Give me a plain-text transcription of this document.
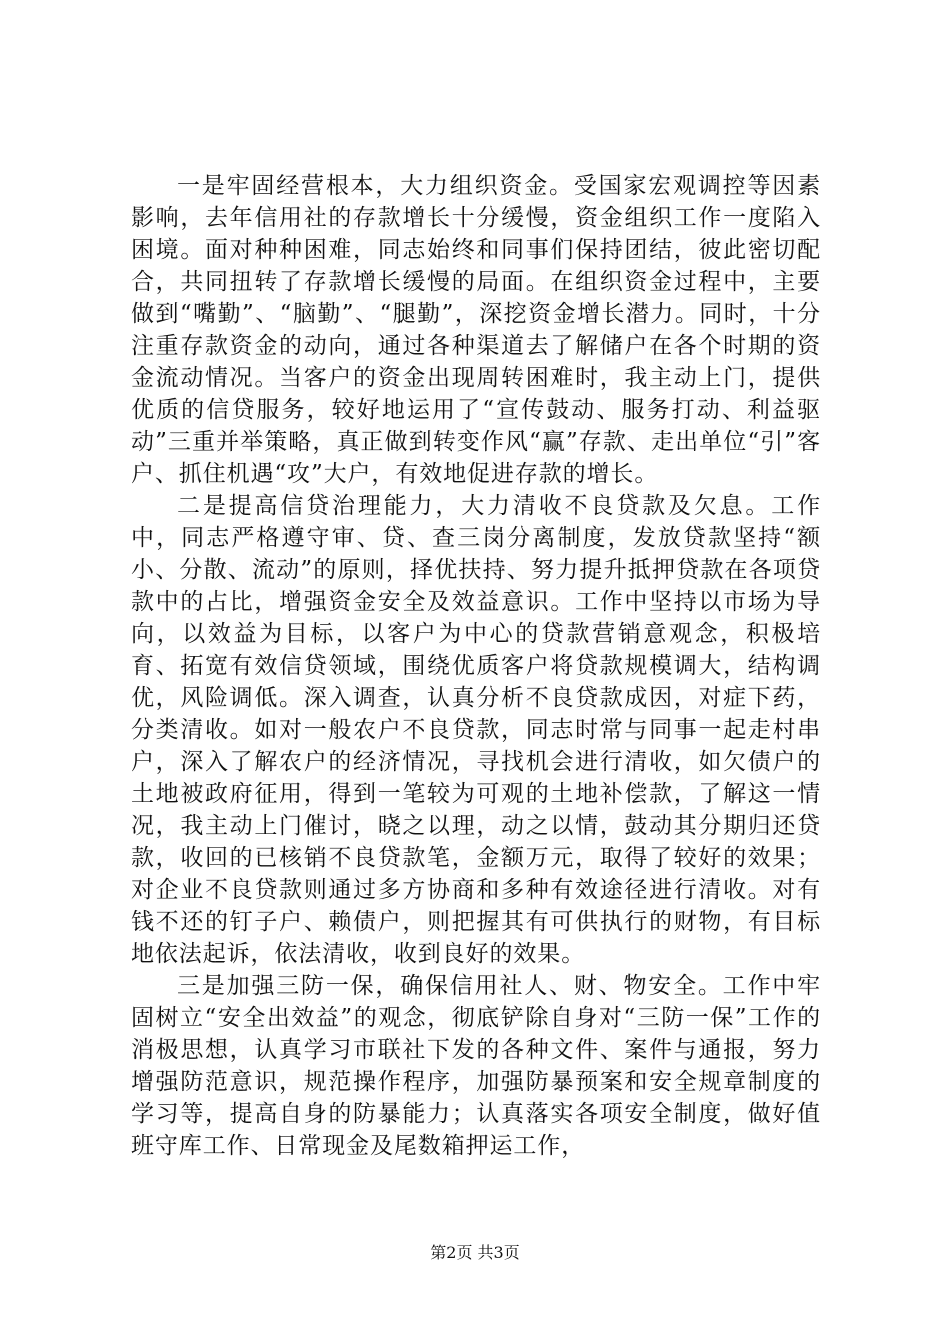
一是牢固经营根本，大力组织资金。受国家宏观调控等因素影响，去年信用社的存款增长十分缓慢，资金组织工作一度陷入困境。面对种种困难，同志始终和同事们保持团结，彼此密切配合，共同扭转了存款增长缓慢的局面。在组织资金过程中，主要做到“嘴勤”、“脑勤”、“腿勤”，深挖资金增长潜力。同时，十分注重存款资金的动向，通过各种渠道去了解储户在各个时期的资金流动情况。当客户的资金出现周转困难时，我主动上门，提供优质的信贷服务，较好地运用了“宣传鼓动、服务打动、利益驱动”三重并举策略，真正做到转变作风“赢”存款、走出单位“引”客户、抓住机遇“攻”大户，有效地促进存款的增长。

二是提高信贷治理能力，大力清收不良贷款及欠息。工作中，同志严格遵守审、贷、查三岗分离制度，发放贷款坚持“额小、分散、流动”的原则，择优扶持、努力提升抵押贷款在各项贷款中的占比，增强资金安全及效益意识。工作中坚持以市场为导向，以效益为目标，以客户为中心的贷款营销意观念，积极培育、拓宽有效信贷领域，围绕优质客户将贷款规模调大，结构调优，风险调低。深入调查，认真分析不良贷款成因，对症下药，分类清收。如对一般农户不良贷款，同志时常与同事一起走村串户，深入了解农户的经济情况，寻找机会进行清收，如欠债户的土地被政府征用，得到一笔较为可观的土地补偿款，了解这一情况，我主动上门催讨，晓之以理，动之以情，鼓动其分期归还贷款，收回的已核销不良贷款笔，金额万元，取得了较好的效果；对企业不良贷款则通过多方协商和多种有效途径进行清收。对有钱不还的钉子户、赖债户，则把握其有可供执行的财物，有目标地依法起诉，依法清收，收到良好的效果。

三是加强三防一保，确保信用社人、财、物安全。工作中牢固树立“安全出效益”的观念，彻底铲除自身对“三防一保”工作的消极思想，认真学习市联社下发的各种文件、案件与通报，努力增强防范意识，规范操作程序，加强防暴预案和安全规章制度的学习等，提高自身的防暴能力；认真落实各项安全制度，做好值班守库工作、日常现金及尾数箱押运工作，

第2页 共3页
